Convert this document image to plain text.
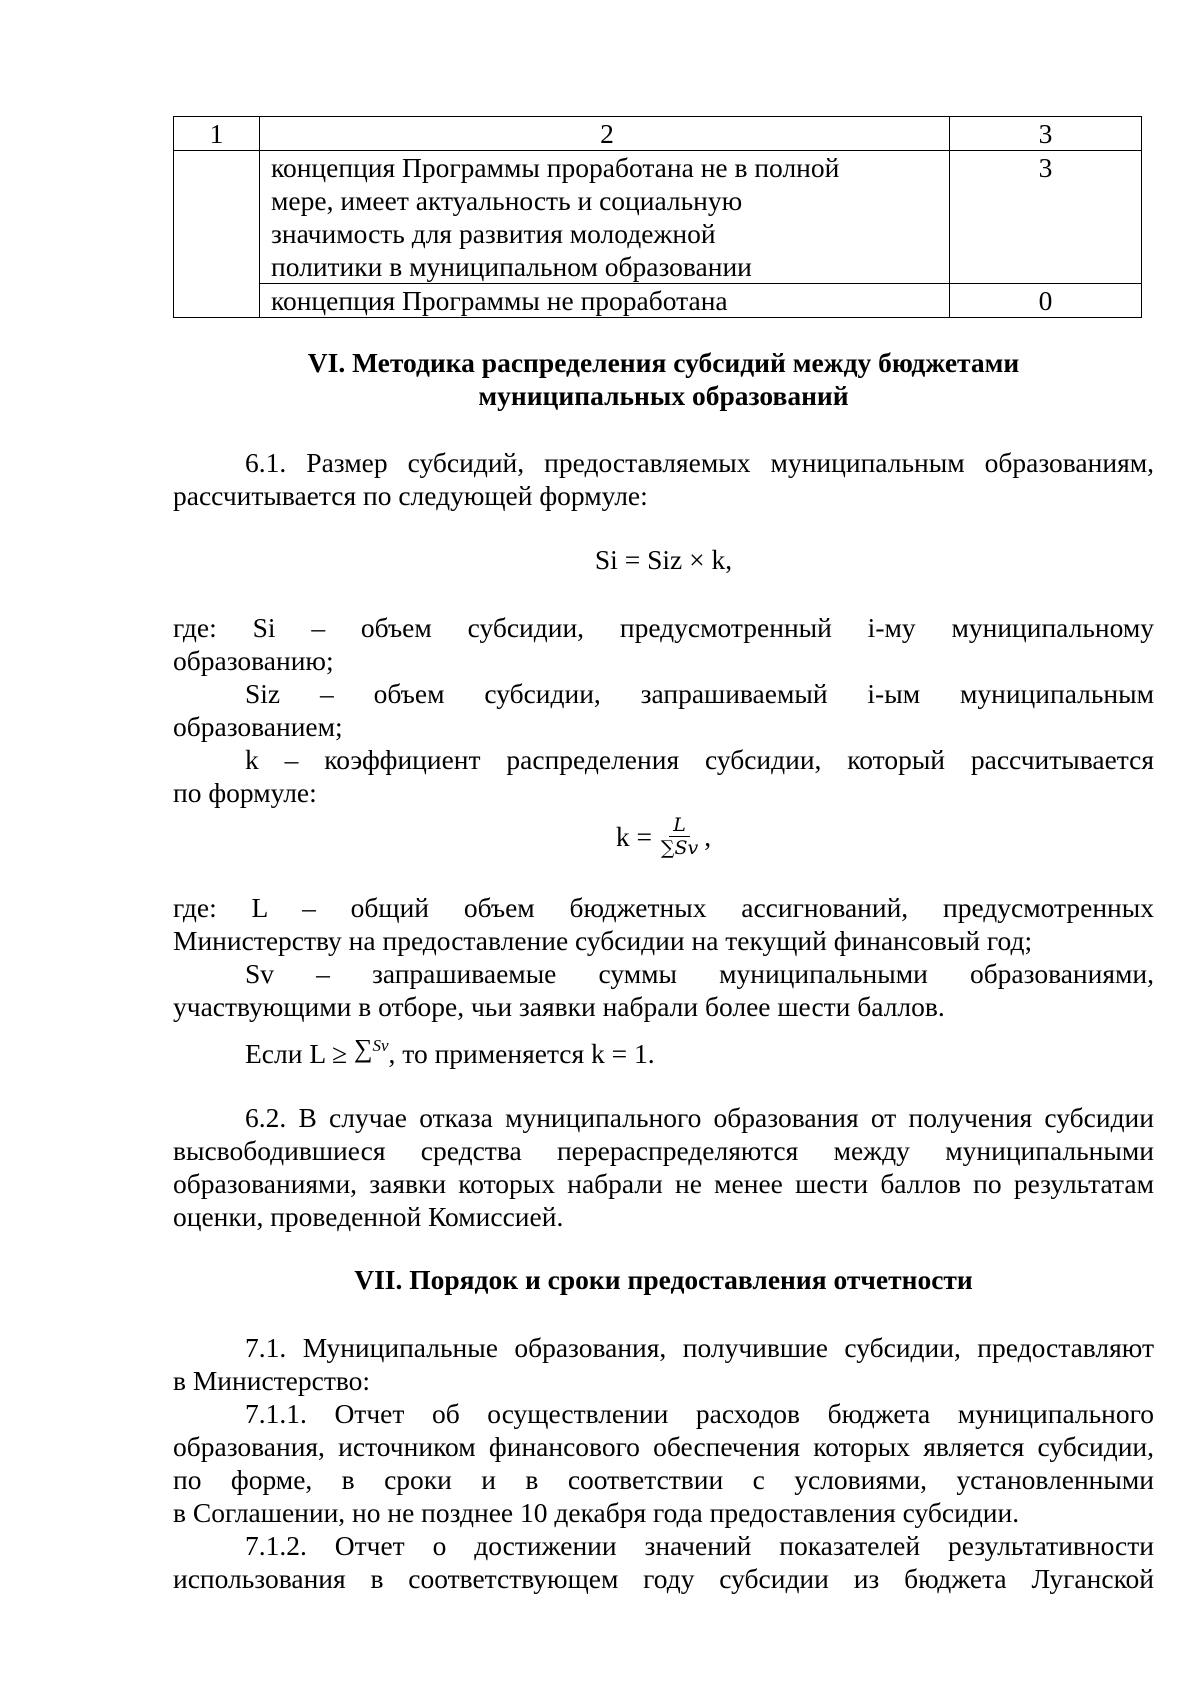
1	2	3

	концепция Программы проработана не в полной
мере, имеет актуальность и социальную
значимость для развития молодежной
политики в муниципальном образовании	3

	концепция Программы не проработана	0
VI. Методика распределения субсидий между бюджетами
муниципальных образований
6.1. Размер субсидий, предоставляемых муниципальным образованиям,
рассчитывается по следующей формуле:
Si = Siz × k,
где: Si – объем субсидии, предусмотренный i-му муниципальному
образованию;
Siz – объем субсидии, запрашиваемый i-ым муниципальным
образованием;
k – коэффициент распределения субсидии, который рассчитывается
по формуле:
$k = \frac{L}{\sum Sv}$ ,
где: L – общий объем бюджетных ассигнований, предусмотренных
Министерству на предоставление субсидии на текущий финансовый год;
Sv – запрашиваемые суммы муниципальными образованиями,
участвующими в отборе, чьи заявки набрали более шести баллов.
Если L ≥ ∑$^{Sv}$, то применяется k = 1.
6.2. В случае отказа муниципального образования от получения субсидии
высвободившиеся средства перераспределяются между муниципальными
образованиями, заявки которых набрали не менее шести баллов по результатам
оценки, проведенной Комиссией.
VII. Порядок и сроки предоставления отчетности
7.1. Муниципальные образования, получившие субсидии, предоставляют
в Министерство:
7.1.1. Отчет об осуществлении расходов бюджета муниципального
образования, источником финансового обеспечения которых является субсидии,
по форме, в сроки и в соответствии с условиями, установленными
в Соглашении, но не позднее 10 декабря года предоставления субсидии.
7.1.2. Отчет о достижении значений показателей результативности
использования в соответствующем году субсидии из бюджета Луганской
